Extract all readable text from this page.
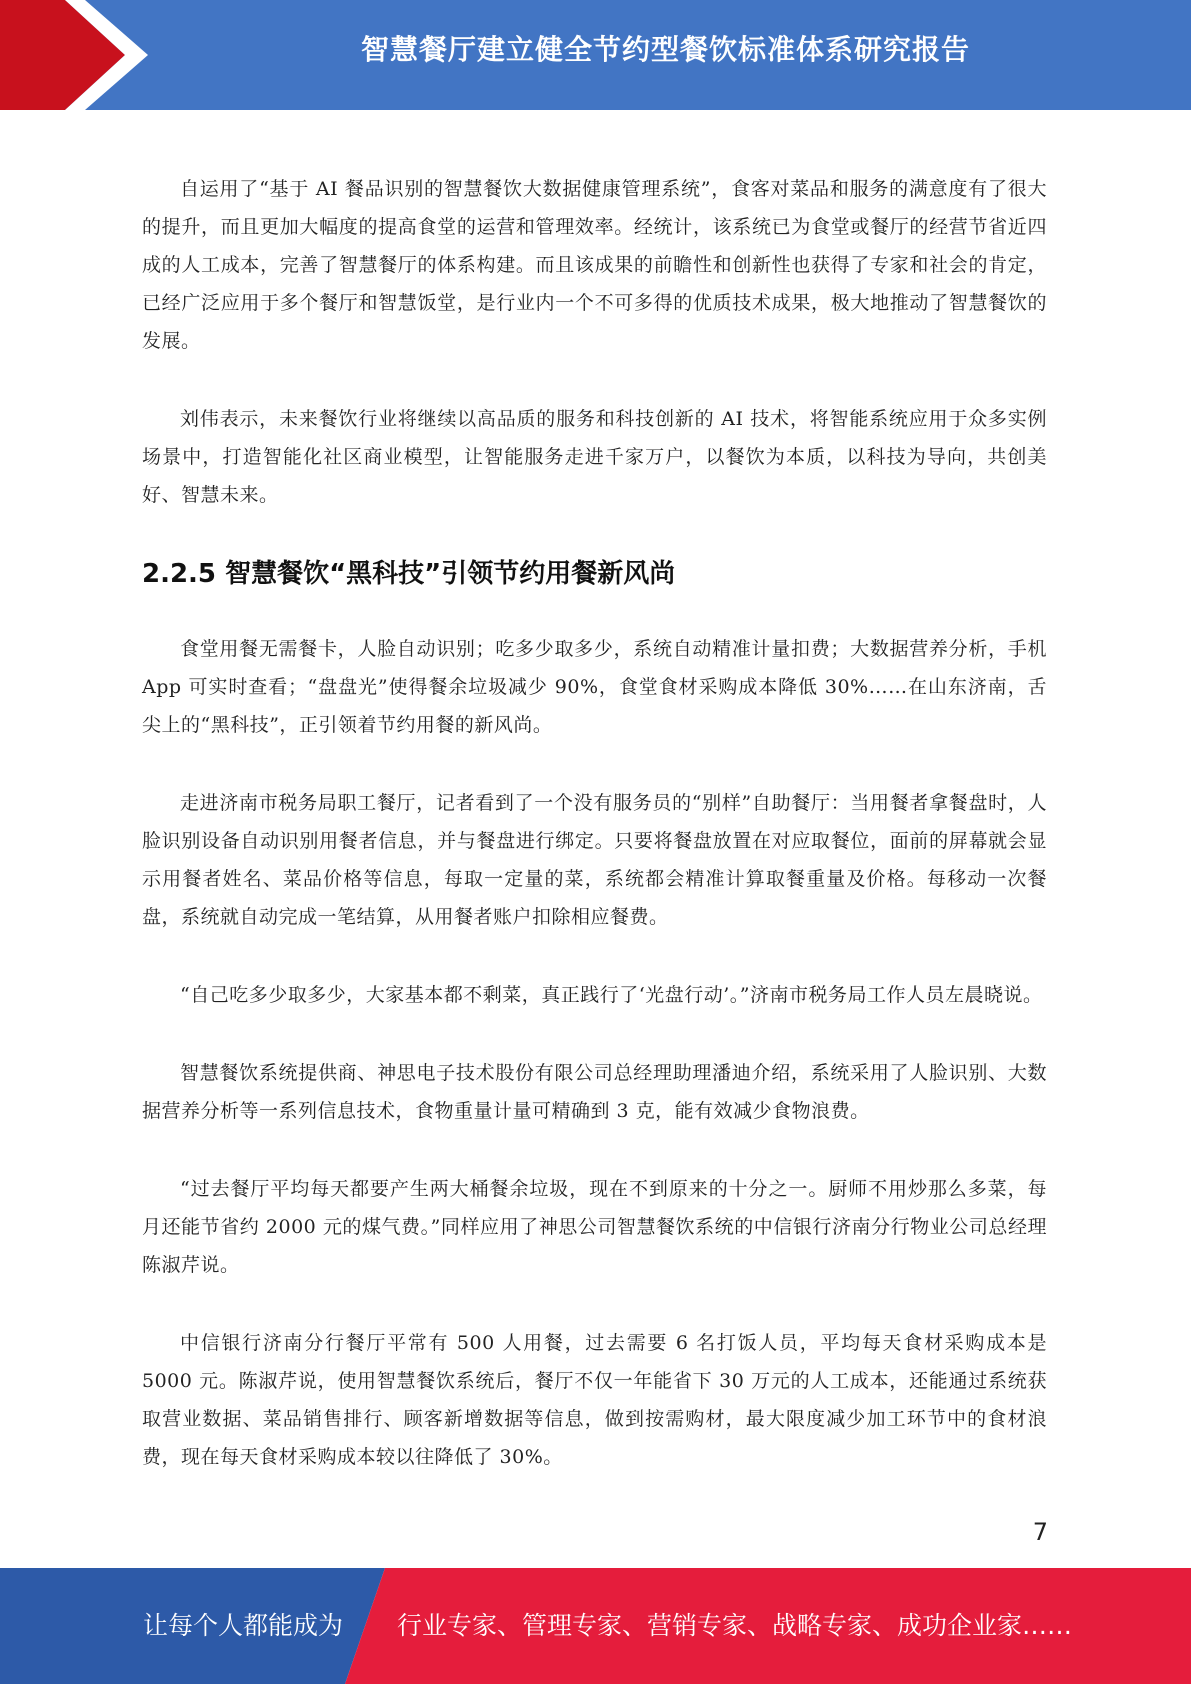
智慧餐厅建立健全节约型餐饮标准体系研究报告

自运用了“基于 AI 餐品识别的智慧餐饮大数据健康管理系统”，食客对菜品和服务的满意度有了很大的提升，而且更加大幅度的提高食堂的运营和管理效率。经统计，该系统已为食堂或餐厅的经营节省近四成的人工成本，完善了智慧餐厅的体系构建。而且该成果的前瞻性和创新性也获得了专家和社会的肯定，已经广泛应用于多个餐厅和智慧饭堂，是行业内一个不可多得的优质技术成果，极大地推动了智慧餐饮的发展。

刘伟表示，未来餐饮行业将继续以高品质的服务和科技创新的 AI 技术，将智能系统应用于众多实例场景中，打造智能化社区商业模型，让智能服务走进千家万户，以餐饮为本质，以科技为导向，共创美好、智慧未来。

2.2.5 智慧餐饮“黑科技”引领节约用餐新风尚

食堂用餐无需餐卡，人脸自动识别；吃多少取多少，系统自动精准计量扣费；大数据营养分析，手机 App 可实时查看；“盘盘光”使得餐余垃圾减少 90%，食堂食材采购成本降低 30%……在山东济南，舌尖上的“黑科技”，正引领着节约用餐的新风尚。

走进济南市税务局职工餐厅，记者看到了一个没有服务员的“别样”自助餐厅：当用餐者拿餐盘时，人脸识别设备自动识别用餐者信息，并与餐盘进行绑定。只要将餐盘放置在对应取餐位，面前的屏幕就会显示用餐者姓名、菜品价格等信息，每取一定量的菜，系统都会精准计算取餐重量及价格。每移动一次餐盘，系统就自动完成一笔结算，从用餐者账户扣除相应餐费。

“自己吃多少取多少，大家基本都不剩菜，真正践行了‘光盘行动’。”济南市税务局工作人员左晨晓说。

智慧餐饮系统提供商、神思电子技术股份有限公司总经理助理潘迪介绍，系统采用了人脸识别、大数据营养分析等一系列信息技术，食物重量计量可精确到 3 克，能有效减少食物浪费。

“过去餐厅平均每天都要产生两大桶餐余垃圾，现在不到原来的十分之一。厨师不用炒那么多菜，每月还能节省约 2000 元的煤气费。”同样应用了神思公司智慧餐饮系统的中信银行济南分行物业公司总经理陈淑芹说。

中信银行济南分行餐厅平常有 500 人用餐，过去需要 6 名打饭人员，平均每天食材采购成本是 5000 元。陈淑芹说，使用智慧餐饮系统后，餐厅不仅一年能省下 30 万元的人工成本，还能通过系统获取营业数据、菜品销售排行、顾客新增数据等信息，做到按需购材，最大限度减少加工环节中的食材浪费，现在每天食材采购成本较以往降低了 30%。

7
让每个人都能成为 行业专家、管理专家、营销专家、战略专家、成功企业家……
